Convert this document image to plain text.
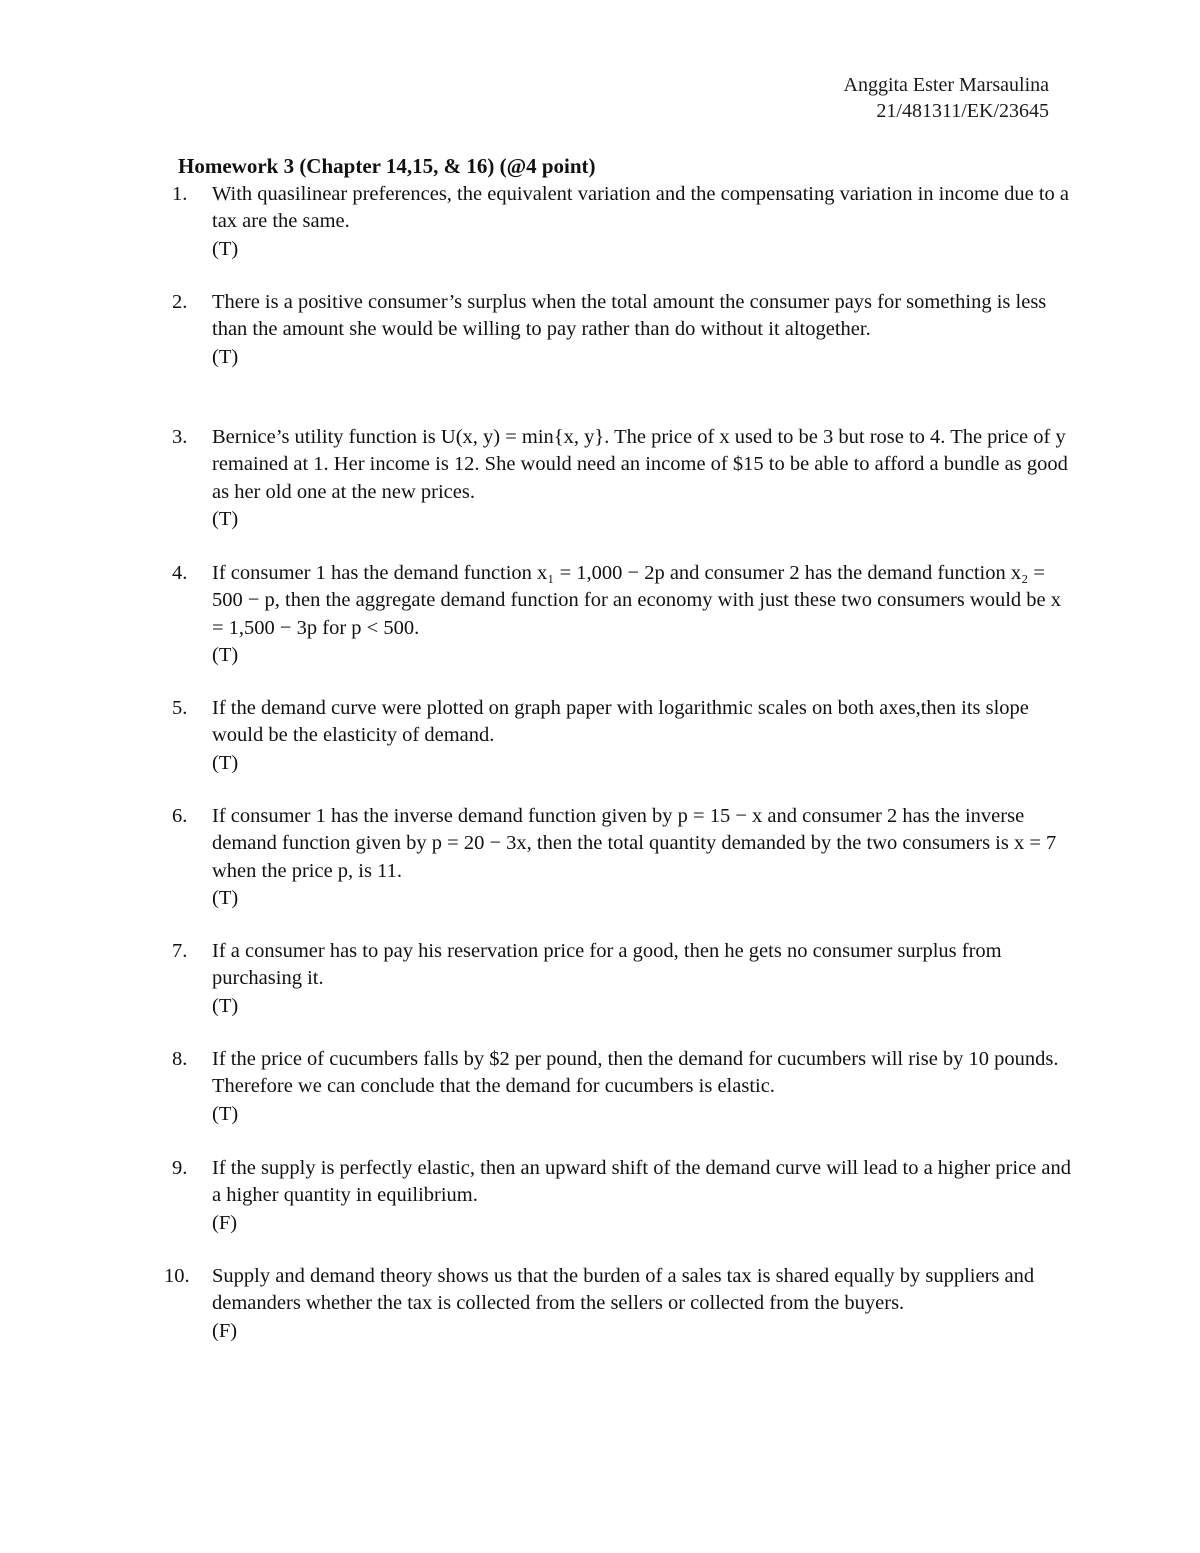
Anggita Ester Marsaulina
21/481311/EK/23645
Homework 3 (Chapter 14,15, & 16) (@4 point)
1.	With quasilinear preferences, the equivalent variation and the compensating variation in income due to a tax are the same.
(T)
2.	There is a positive consumer’s surplus when the total amount the consumer pays for something is less than the amount she would be willing to pay rather than do without it altogether.
(T)
3.	Bernice’s utility function is U(x, y) = min{x, y}. The price of x used to be 3 but rose to 4. The price of y remained at 1. Her income is 12. She would need an income of $15 to be able to afford a bundle as good as her old one at the new prices.
(T)
4.	If consumer 1 has the demand function x₁ = 1,000 − 2p and consumer 2 has the demand function x₂ = 500 − p, then the aggregate demand function for an economy with just these two consumers would be x = 1,500 − 3p for p < 500.
(T)
5.	If the demand curve were plotted on graph paper with logarithmic scales on both axes,then its slope would be the elasticity of demand.
(T)
6.	If consumer 1 has the inverse demand function given by p = 15 − x and consumer 2 has the inverse demand function given by p = 20 − 3x, then the total quantity demanded by the two consumers is x = 7 when the price p, is 11.
(T)
7.	If a consumer has to pay his reservation price for a good, then he gets no consumer surplus from purchasing it.
(T)
8.	If the price of cucumbers falls by $2 per pound, then the demand for cucumbers will rise by 10 pounds. Therefore we can conclude that the demand for cucumbers is elastic.
(T)
9.	If the supply is perfectly elastic, then an upward shift of the demand curve will lead to a higher price and a higher quantity in equilibrium.
(F)
10.	Supply and demand theory shows us that the burden of a sales tax is shared equally by suppliers and demanders whether the tax is collected from the sellers or collected from the buyers.
(F)
